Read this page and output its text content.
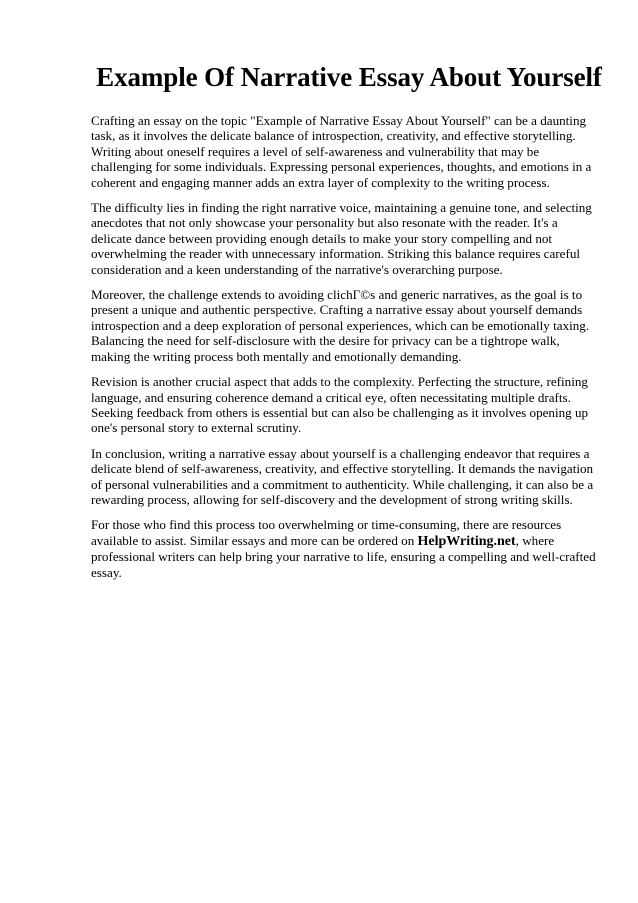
Example Of Narrative Essay About Yourself

Crafting an essay on the topic "Example of Narrative Essay About Yourself" can be a daunting task, as it involves the delicate balance of introspection, creativity, and effective storytelling. Writing about oneself requires a level of self-awareness and vulnerability that may be challenging for some individuals. Expressing personal experiences, thoughts, and emotions in a coherent and engaging manner adds an extra layer of complexity to the writing process.

The difficulty lies in finding the right narrative voice, maintaining a genuine tone, and selecting anecdotes that not only showcase your personality but also resonate with the reader. It's a delicate dance between providing enough details to make your story compelling and not overwhelming the reader with unnecessary information. Striking this balance requires careful consideration and a keen understanding of the narrative's overarching purpose.

Moreover, the challenge extends to avoiding clichГ©s and generic narratives, as the goal is to present a unique and authentic perspective. Crafting a narrative essay about yourself demands introspection and a deep exploration of personal experiences, which can be emotionally taxing. Balancing the need for self-disclosure with the desire for privacy can be a tightrope walk, making the writing process both mentally and emotionally demanding.

Revision is another crucial aspect that adds to the complexity. Perfecting the structure, refining language, and ensuring coherence demand a critical eye, often necessitating multiple drafts. Seeking feedback from others is essential but can also be challenging as it involves opening up one's personal story to external scrutiny.

In conclusion, writing a narrative essay about yourself is a challenging endeavor that requires a delicate blend of self-awareness, creativity, and effective storytelling. It demands the navigation of personal vulnerabilities and a commitment to authenticity. While challenging, it can also be a rewarding process, allowing for self-discovery and the development of strong writing skills.

For those who find this process too overwhelming or time-consuming, there are resources available to assist. Similar essays and more can be ordered on HelpWriting.net, where professional writers can help bring your narrative to life, ensuring a compelling and well-crafted essay.
